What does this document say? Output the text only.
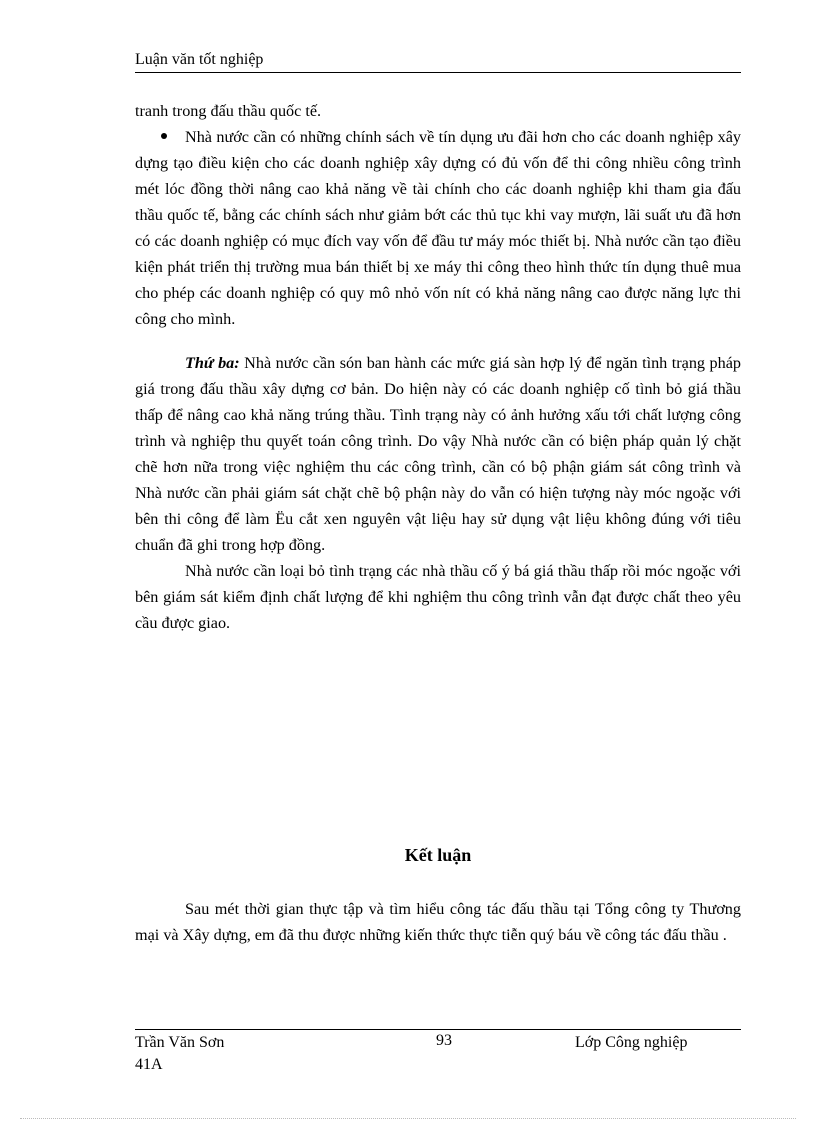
Luận văn tốt nghiệp

tranh trong đấu thầu quốc tế.

Nhà nước cần có những chính sách về tín dụng ưu đãi hơn cho các doanh nghiệp xây dựng tạo điều kiện cho các doanh nghiệp xây dựng có đủ vốn để thi công nhiều công trình mét lóc đồng thời nâng cao khả năng về tài chính cho các doanh nghiệp khi tham gia đấu thầu quốc tế, bằng các chính sách như giảm bớt các thủ tục khi vay mượn, lãi suất ưu đã hơn có các doanh nghiệp có mục đích vay vốn để đầu tư máy móc thiết bị. Nhà nước cần tạo điều kiện phát triển thị trường mua bán thiết bị xe máy thi công theo hình thức tín dụng thuê mua cho phép các doanh nghiệp có quy mô nhỏ vốn nít có khả năng nâng cao được năng lực thi công cho mình.

Thứ ba: Nhà nước cần són ban hành các mức giá sàn hợp lý để ngăn tình trạng pháp giá trong đấu thầu xây dựng cơ bản. Do hiện này có các doanh nghiệp cố tình bỏ giá thầu thấp để nâng cao khả năng trúng thầu. Tình trạng này có ảnh hưởng xấu tới chất lượng công trình và nghiệp thu quyết toán công trình. Do vậy Nhà nước cần có biện pháp quản lý chặt chẽ hơn nữa trong việc nghiệm thu các công trình, cần có bộ phận giám sát công trình và Nhà nước cần phải giám sát chặt chẽ bộ phận này do vẫn có hiện tượng này móc ngoặc với bên thi công để làm Ëu cắt xen nguyên vật liệu hay sử dụng vật liệu không đúng với tiêu chuẩn đã ghi trong hợp đồng.

Nhà nước cần loại bỏ tình trạng các nhà thầu cố ý bá giá thầu thấp rồi móc ngoặc với bên giám sát kiểm định chất lượng để khi nghiệm thu công trình vẫn đạt được chất theo yêu cầu được giao.

Kết luận

Sau mét thời gian thực tập và tìm hiểu công tác đấu thầu tại Tổng công ty Thương mại và Xây dựng, em đã thu được những kiến thức thực tiễn quý báu về công tác đấu thầu .

Trần Văn Sơn
41A
93	Lớp Công nghiệp
